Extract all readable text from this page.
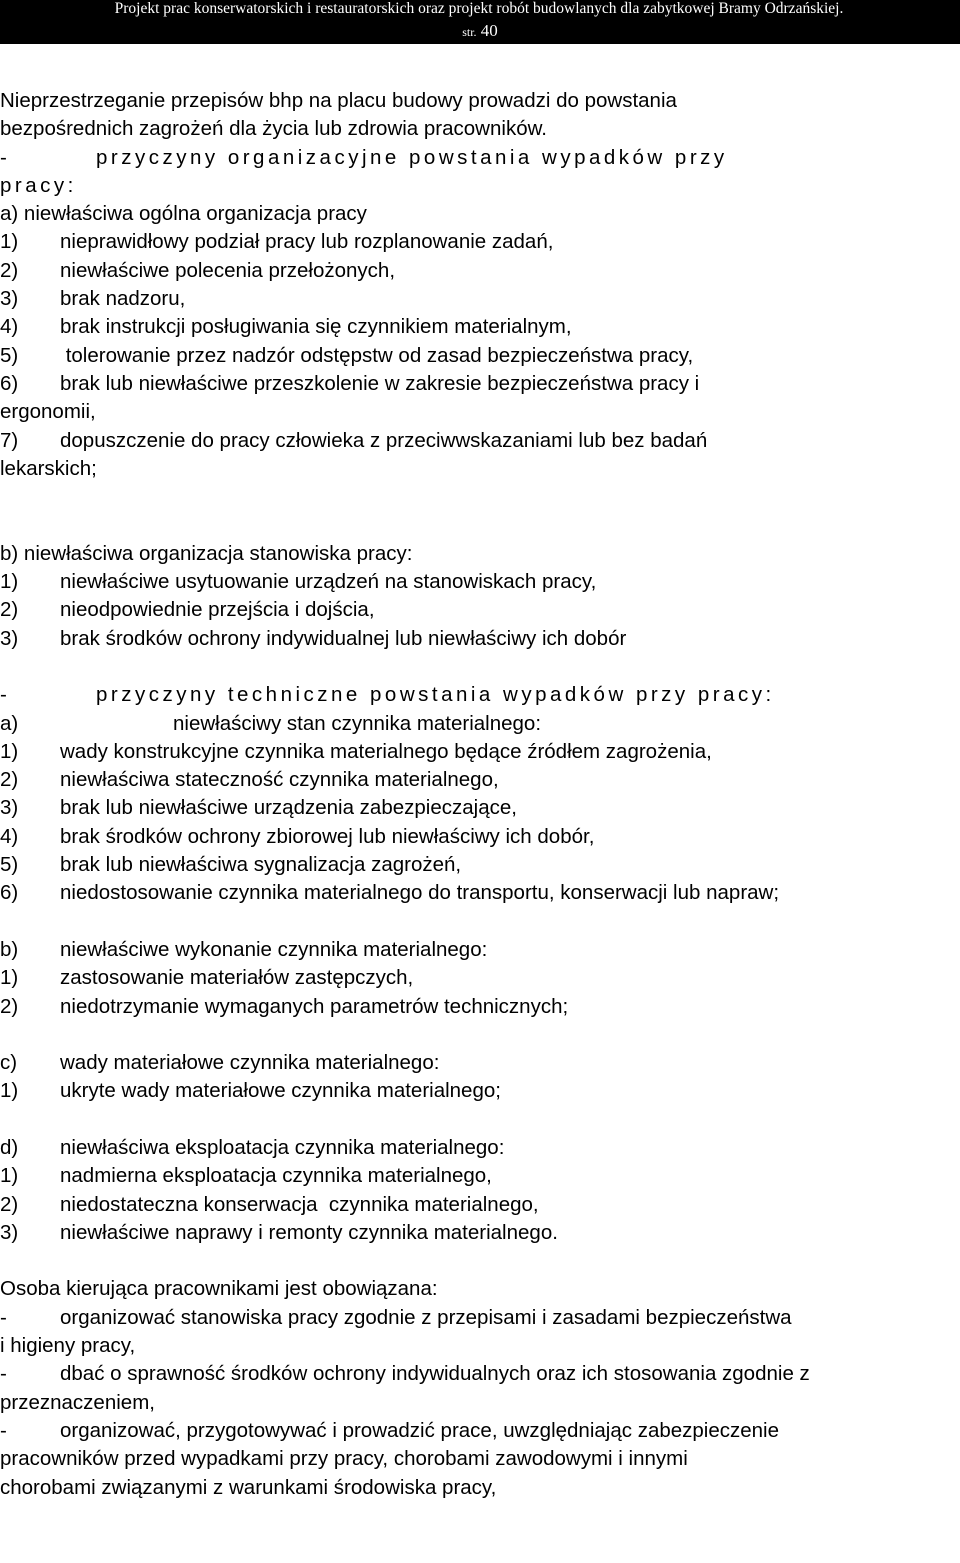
Projekt prac konserwatorskich i restauratorskich oraz projekt robót budowlanych dla zabytkowej Bramy Odrzańskiej.
str. 40
Nieprzestrzeganie przepisów bhp na placu budowy prowadzi do powstania
bezpośrednich zagrożeń dla życia lub zdrowia pracowników.
-	przyczyny organizacyjne powstania wypadków przy
pracy:
a) niewłaściwa ogólna organizacja pracy
1) nieprawidłowy podział pracy lub rozplanowanie zadań,
2) niewłaściwe polecenia przełożonych,
3) brak nadzoru,
4) brak instrukcji posługiwania się czynnikiem materialnym,
5) tolerowanie przez nadzór odstępstw od zasad bezpieczeństwa pracy,
6) brak lub niewłaściwe przeszkolenie w zakresie bezpieczeństwa pracy i
ergonomii,
7) dopuszczenie do pracy człowieka z przeciwwskazaniami lub bez badań
lekarskich;
b) niewłaściwa organizacja stanowiska pracy:
1) niewłaściwe usytuowanie urządzeń na stanowiskach pracy,
2) nieodpowiednie przejścia i dojścia,
3) brak środków ochrony indywidualnej lub niewłaściwy ich dobór
-	przyczyny techniczne powstania wypadków przy pracy:
a)	niewłaściwy stan czynnika materialnego:
1) wady konstrukcyjne czynnika materialnego będące źródłem zagrożenia,
2) niewłaściwa stateczność czynnika materialnego,
3) brak lub niewłaściwe urządzenia zabezpieczające,
4) brak środków ochrony zbiorowej lub niewłaściwy ich dobór,
5) brak lub niewłaściwa sygnalizacja zagrożeń,
6) niedostosowanie czynnika materialnego do transportu, konserwacji lub napraw;
b) niewłaściwe wykonanie czynnika materialnego:
1) zastosowanie materiałów zastępczych,
2) niedotrzymanie wymaganych parametrów technicznych;
c) wady materiałowe czynnika materialnego:
1) ukryte wady materiałowe czynnika materialnego;
d) niewłaściwa eksploatacja czynnika materialnego:
1) nadmierna eksploatacja czynnika materialnego,
2) niedostateczna konserwacja  czynnika materialnego,
3) niewłaściwe naprawy i remonty czynnika materialnego.
Osoba kierująca pracownikami jest obowiązana:
-	organizować stanowiska pracy zgodnie z przepisami i zasadami bezpieczeństwa
i higieny pracy,
-	dbać o sprawność środków ochrony indywidualnych oraz ich stosowania zgodnie z
przeznaczeniem,
-	organizować, przygotowywać i prowadzić prace, uwzględniając zabezpieczenie
pracowników przed wypadkami przy pracy, chorobami zawodowymi i innymi
chorobami związanymi z warunkami środowiska pracy,
